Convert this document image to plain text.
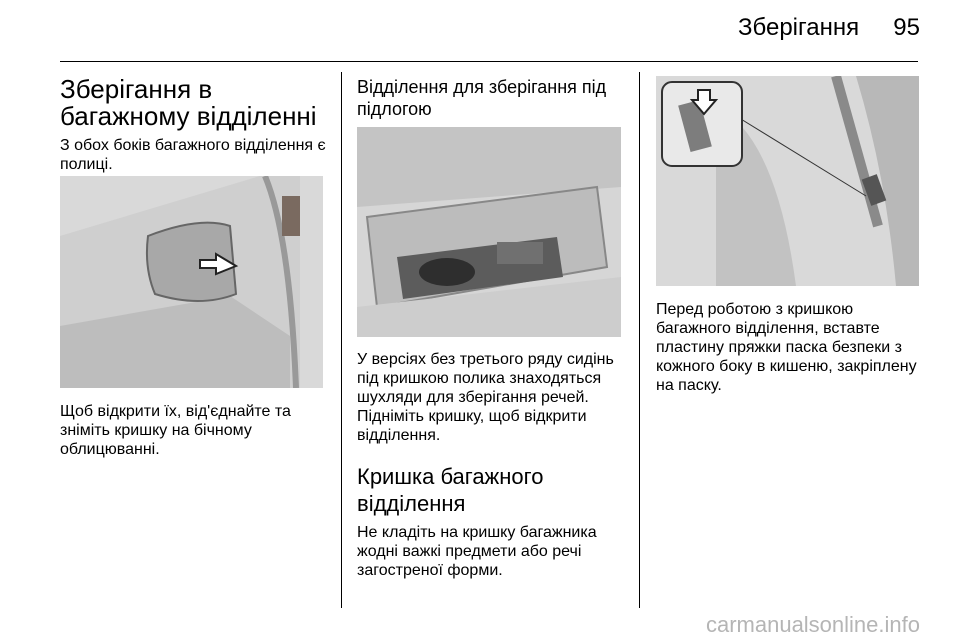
Зберігання 95
Зберігання в багажному відділенні

З обох боків багажного відділення є полиці.

Щоб відкрити їх, від'єднайте та зніміть кришку на бічному облицюванні.

Відділення для зберігання під підлогою

У версіях без третього ряду сидінь під кришкою полика знаходяться шухляди для зберігання речей. Підніміть кришку, щоб відкрити відділення.

Кришка багажного відділення

Не кладіть на кришку багажника жодні важкі предмети або речі загостреної форми.

Перед роботою з кришкою багажного відділення, вставте пластину пряжки паска безпеки з кожного боку в кишеню, закріплену на паску.

carmanualsonline.info
